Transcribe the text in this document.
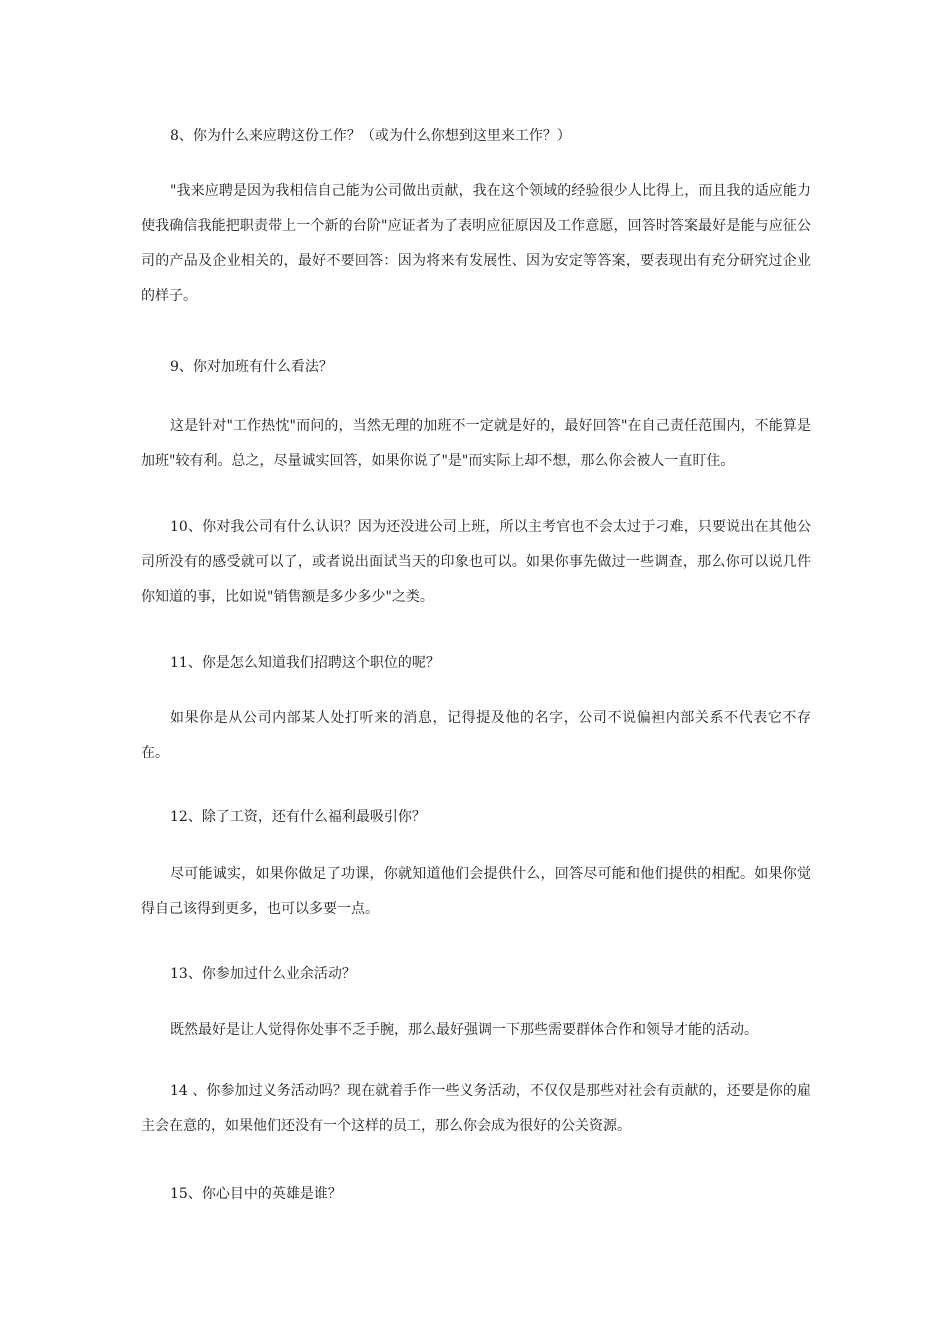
8、你为什么来应聘这份工作？（或为什么你想到这里来工作？）

"我来应聘是因为我相信自己能为公司做出贡献，我在这个领域的经验很少人比得上，而且我的适应能力使我确信我能把职责带上一个新的台阶"应证者为了表明应征原因及工作意愿，回答时答案最好是能与应征公司的产品及企业相关的，最好不要回答：因为将来有发展性、因为安定等答案，要表现出有充分研究过企业的样子。

9、你对加班有什么看法？

这是针对"工作热忱"而问的，当然无理的加班不一定就是好的，最好回答"在自己责任范围内，不能算是加班"较有利。总之，尽量诚实回答，如果你说了"是"而实际上却不想，那么你会被人一直盯住。

10、你对我公司有什么认识？因为还没进公司上班，所以主考官也不会太过于刁难，只要说出在其他公司所没有的感受就可以了，或者说出面试当天的印象也可以。如果你事先做过一些调查，那么你可以说几件你知道的事，比如说"销售额是多少多少"之类。

11、你是怎么知道我们招聘这个职位的呢？

如果你是从公司内部某人处打听来的消息，记得提及他的名字，公司不说偏袒内部关系不代表它不存在。

12、除了工资，还有什么福利最吸引你？

尽可能诚实，如果你做足了功课，你就知道他们会提供什么，回答尽可能和他们提供的相配。如果你觉得自己该得到更多，也可以多要一点。

13、你参加过什么业余活动？

既然最好是让人觉得你处事不乏手腕，那么最好强调一下那些需要群体合作和领导才能的活动。

14 、你参加过义务活动吗？现在就着手作一些义务活动，不仅仅是那些对社会有贡献的，还要是你的雇主会在意的，如果他们还没有一个这样的员工，那么你会成为很好的公关资源。

15、你心目中的英雄是谁？
